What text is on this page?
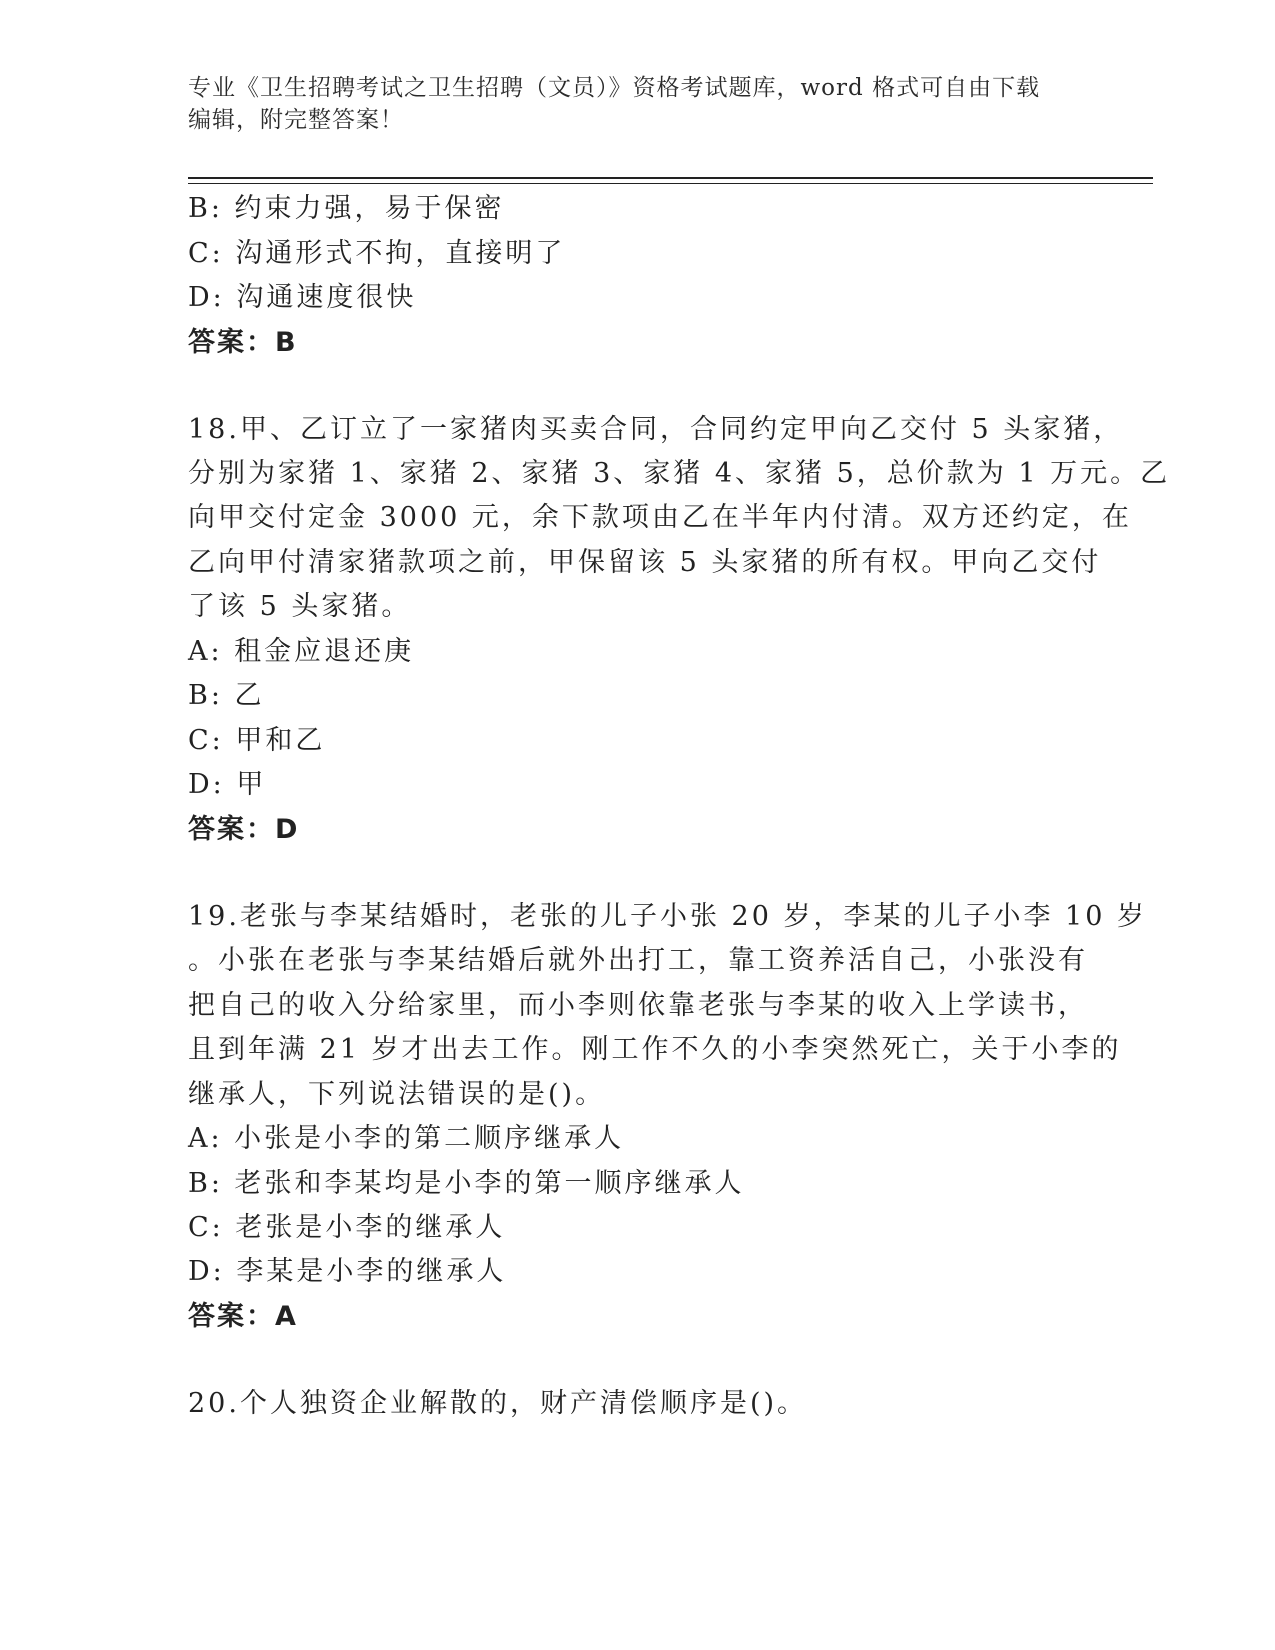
专业《卫生招聘考试之卫生招聘（文员）》资格考试题库，word 格式可自由下载
编辑，附完整答案！
B: 约束力强，易于保密
C: 沟通形式不拘，直接明了
D: 沟通速度很快
答案：B
18.甲、乙订立了一家猪肉买卖合同，合同约定甲向乙交付 5 头家猪，
分别为家猪 1、家猪 2、家猪 3、家猪 4、家猪 5，总价款为 1 万元。乙
向甲交付定金 3000 元，余下款项由乙在半年内付清。双方还约定，在
乙向甲付清家猪款项之前，甲保留该 5 头家猪的所有权。甲向乙交付
了该 5 头家猪。
A: 租金应退还庚
B: 乙
C: 甲和乙
D: 甲
答案：D
19.老张与李某结婚时，老张的儿子小张 20 岁，李某的儿子小李 10 岁
。小张在老张与李某结婚后就外出打工，靠工资养活自己，小张没有
把自己的收入分给家里，而小李则依靠老张与李某的收入上学读书，
且到年满 21 岁才出去工作。刚工作不久的小李突然死亡，关于小李的
继承人，下列说法错误的是()。
A: 小张是小李的第二顺序继承人
B: 老张和李某均是小李的第一顺序继承人
C: 老张是小李的继承人
D: 李某是小李的继承人
答案：A
20.个人独资企业解散的，财产清偿顺序是()。
